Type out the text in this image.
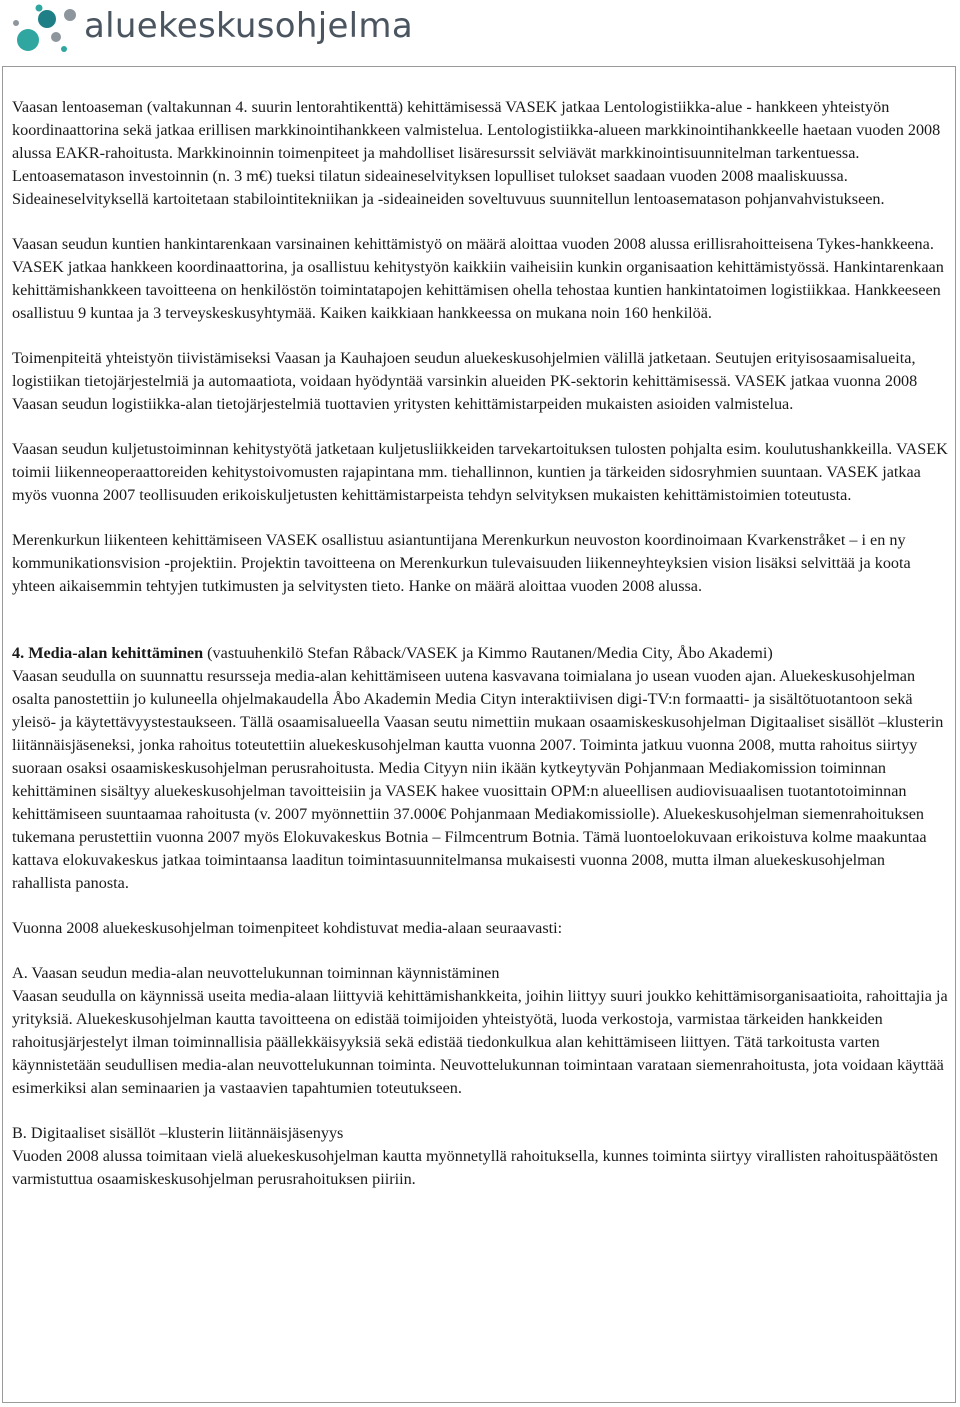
aluekeskusohjelma

Vaasan lentoaseman (valtakunnan 4. suurin lentorahtikenttä) kehittämisessä VASEK jatkaa Lentologistiikka-alue - hankkeen yhteistyön koordinaattorina sekä jatkaa erillisen markkinointihankkeen valmistelua. Lentologistiikka-alueen markkinointihankkeelle haetaan vuoden 2008 alussa EAKR-rahoitusta. Markkinoinnin toimenpiteet ja mahdolliset lisäresurssit selviävät markkinointisuunnitelman tarkentuessa. Lentoasematason investoinnin (n. 3 m€) tueksi tilatun sideaineselvityksen lopulliset tulokset saadaan vuoden 2008 maaliskuussa. Sideaineselvityksellä kartoitetaan stabilointitekniikan ja -sideaineiden soveltuvuus suunnitellun lentoasematason pohjanvahvistukseen.

Vaasan seudun kuntien hankintarenkaan varsinainen kehittämistyö on määrä aloittaa vuoden 2008 alussa erillisrahoitteisena Tykes-hankkeena. VASEK jatkaa hankkeen koordinaattorina, ja osallistuu kehitystyön kaikkiin vaiheisiin kunkin organisaation kehittämistyössä. Hankintarenkaan kehittämishankkeen tavoitteena on henkilöstön toimintatapojen kehittämisen ohella tehostaa kuntien hankintatoimen logistiikkaa. Hankkeeseen osallistuu 9 kuntaa ja 3 terveyskeskusyhtymää. Kaiken kaikkiaan hankkeessa on mukana noin 160 henkilöä.

Toimenpiteitä yhteistyön tiivistämiseksi Vaasan ja Kauhajoen seudun aluekeskusohjelmien välillä jatketaan. Seutujen erityisosaamisalueita, logistiikan tietojärjestelmiä ja automaatiota, voidaan hyödyntää varsinkin alueiden PK-sektorin kehittämisessä. VASEK jatkaa vuonna 2008 Vaasan seudun logistiikka-alan tietojärjestelmiä tuottavien yritysten kehittämistarpeiden mukaisten asioiden valmistelua.

Vaasan seudun kuljetustoiminnan kehitystyötä jatketaan kuljetusliikkeiden tarvekartoituksen tulosten pohjalta esim. koulutushankkeilla. VASEK toimii liikenneoperaattoreiden kehitystoivomusten rajapintana mm. tiehallinnon, kuntien ja tärkeiden sidosryhmien suuntaan. VASEK jatkaa myös vuonna 2007 teollisuuden erikoiskuljetusten kehittämistarpeista tehdyn selvityksen mukaisten kehittämistoimien toteutusta.

Merenkurkun liikenteen kehittämiseen VASEK osallistuu asiantuntijana Merenkurkun neuvoston koordinoimaan Kvarkenstråket – i en ny kommunikationsvision -projektiin. Projektin tavoitteena on Merenkurkun tulevaisuuden liikenneyhteyksien vision lisäksi selvittää ja koota yhteen aikaisemmin tehtyjen tutkimusten ja selvitysten tieto. Hanke on määrä aloittaa vuoden 2008 alussa.

4. Media-alan kehittäminen (vastuuhenkilö Stefan Råback/VASEK ja Kimmo Rautanen/Media City, Åbo Akademi)
Vaasan seudulla on suunnattu resursseja media-alan kehittämiseen uutena kasvavana toimialana jo usean vuoden ajan. Aluekeskusohjelman osalta panostettiin jo kuluneella ohjelmakaudella Åbo Akademin Media Cityn interaktiivisen digi-TV:n formaatti- ja sisältötuotantoon sekä yleisö- ja käytettävyystestaukseen. Tällä osaamisalueella Vaasan seutu nimettiin mukaan osaamiskeskusohjelman Digitaaliset sisällöt –klusterin liitännäisjäseneksi, jonka rahoitus toteutettiin aluekeskusohjelman kautta vuonna 2007. Toiminta jatkuu vuonna 2008, mutta rahoitus siirtyy suoraan osaksi osaamiskeskusohjelman perusrahoitusta. Media Cityyn niin ikään kytkeytyvän Pohjanmaan Mediakomission toiminnan kehittäminen sisältyy aluekeskusohjelman tavoitteisiin ja VASEK hakee vuosittain OPM:n alueellisen audiovisuaalisen tuotantotoiminnan kehittämiseen suuntaamaa rahoitusta (v. 2007 myönnettiin 37.000€ Pohjanmaan Mediakomissiolle). Aluekeskusohjelman siemenrahoituksen tukemana perustettiin vuonna 2007 myös Elokuvakeskus Botnia – Filmcentrum Botnia. Tämä luontoelokuvaan erikoistuva kolme maakuntaa kattava elokuvakeskus jatkaa toimintaansa laaditun toimintasuunnitelmansa mukaisesti vuonna 2008, mutta ilman aluekeskusohjelman rahallista panosta.

Vuonna 2008 aluekeskusohjelman toimenpiteet kohdistuvat media-alaan seuraavasti:

A. Vaasan seudun media-alan neuvottelukunnan toiminnan käynnistäminen
Vaasan seudulla on käynnissä useita media-alaan liittyviä kehittämishankkeita, joihin liittyy suuri joukko kehittämisorganisaatioita, rahoittajia ja yrityksiä. Aluekeskusohjelman kautta tavoitteena on edistää toimijoiden yhteistyötä, luoda verkostoja, varmistaa tärkeiden hankkeiden rahoitusjärjestelyt ilman toiminnallisia päällekkäisyyksiä sekä edistää tiedonkulkua alan kehittämiseen liittyen. Tätä tarkoitusta varten käynnistetään seudullisen media-alan neuvottelukunnan toiminta. Neuvottelukunnan toimintaan varataan siemenrahoitusta, jota voidaan käyttää esimerkiksi alan seminaarien ja vastaavien tapahtumien toteutukseen.

B. Digitaaliset sisällöt –klusterin liitännäisjäsenyys
Vuoden 2008 alussa toimitaan vielä aluekeskusohjelman kautta myönnetyllä rahoituksella, kunnes toiminta siirtyy virallisten rahoituspäätösten varmistuttua osaamiskeskusohjelman perusrahoituksen piiriin.
